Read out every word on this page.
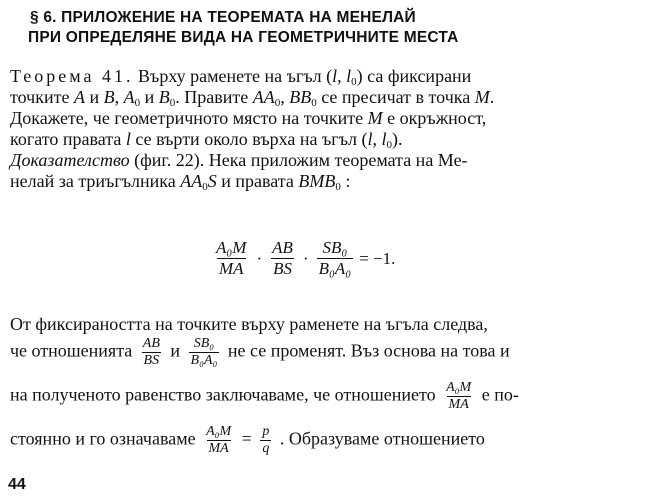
§ 6. ПРИЛОЖЕНИЕ НА ТЕОРЕМАТА НА МЕНЕЛАЙ
ПРИ ОПРЕДЕЛЯНЕ ВИДА НА ГЕОМЕТРИЧНИТЕ МЕСТА
Теорема 41. Върху раменете на ъгъл (l, $l_0$) са фиксирани
точките A и B, $A_0$ и $B_0$. Правите $AA_0$, $BB_0$ се пресичат в точка M.
Докажете, че геометричното място на точките M е окръжност,
когато правата l се върти около върха на ъгъл (l, $l_0$).
Доказателство (фиг. 22). Нека приложим теоремата на Ме-
нелай за триъгълника $AA_0S$ и правата $BMB_0$ :
$\frac{\text{A₀M}}{MA} \cdot \frac{AB}{BS} \cdot \frac{\text{SB₀}}{\text{B₀A₀}} = -1$.
От фиксираността на точките върху раменете на ъгъла следва,
че отношенията $\frac{AB}{BS}$ и $\frac{\text{SB₀}}{\text{B₀A₀}}$ не се променят. Въз основа на това и
на полученото равенство заключаваме, че отношението $\frac{\text{A₀M}}{MA}$ е по-
стоянно и го означаваме $\frac{\text{A₀M}}{MA} = \frac{p}{q}$ . Образуваме отношението
44
